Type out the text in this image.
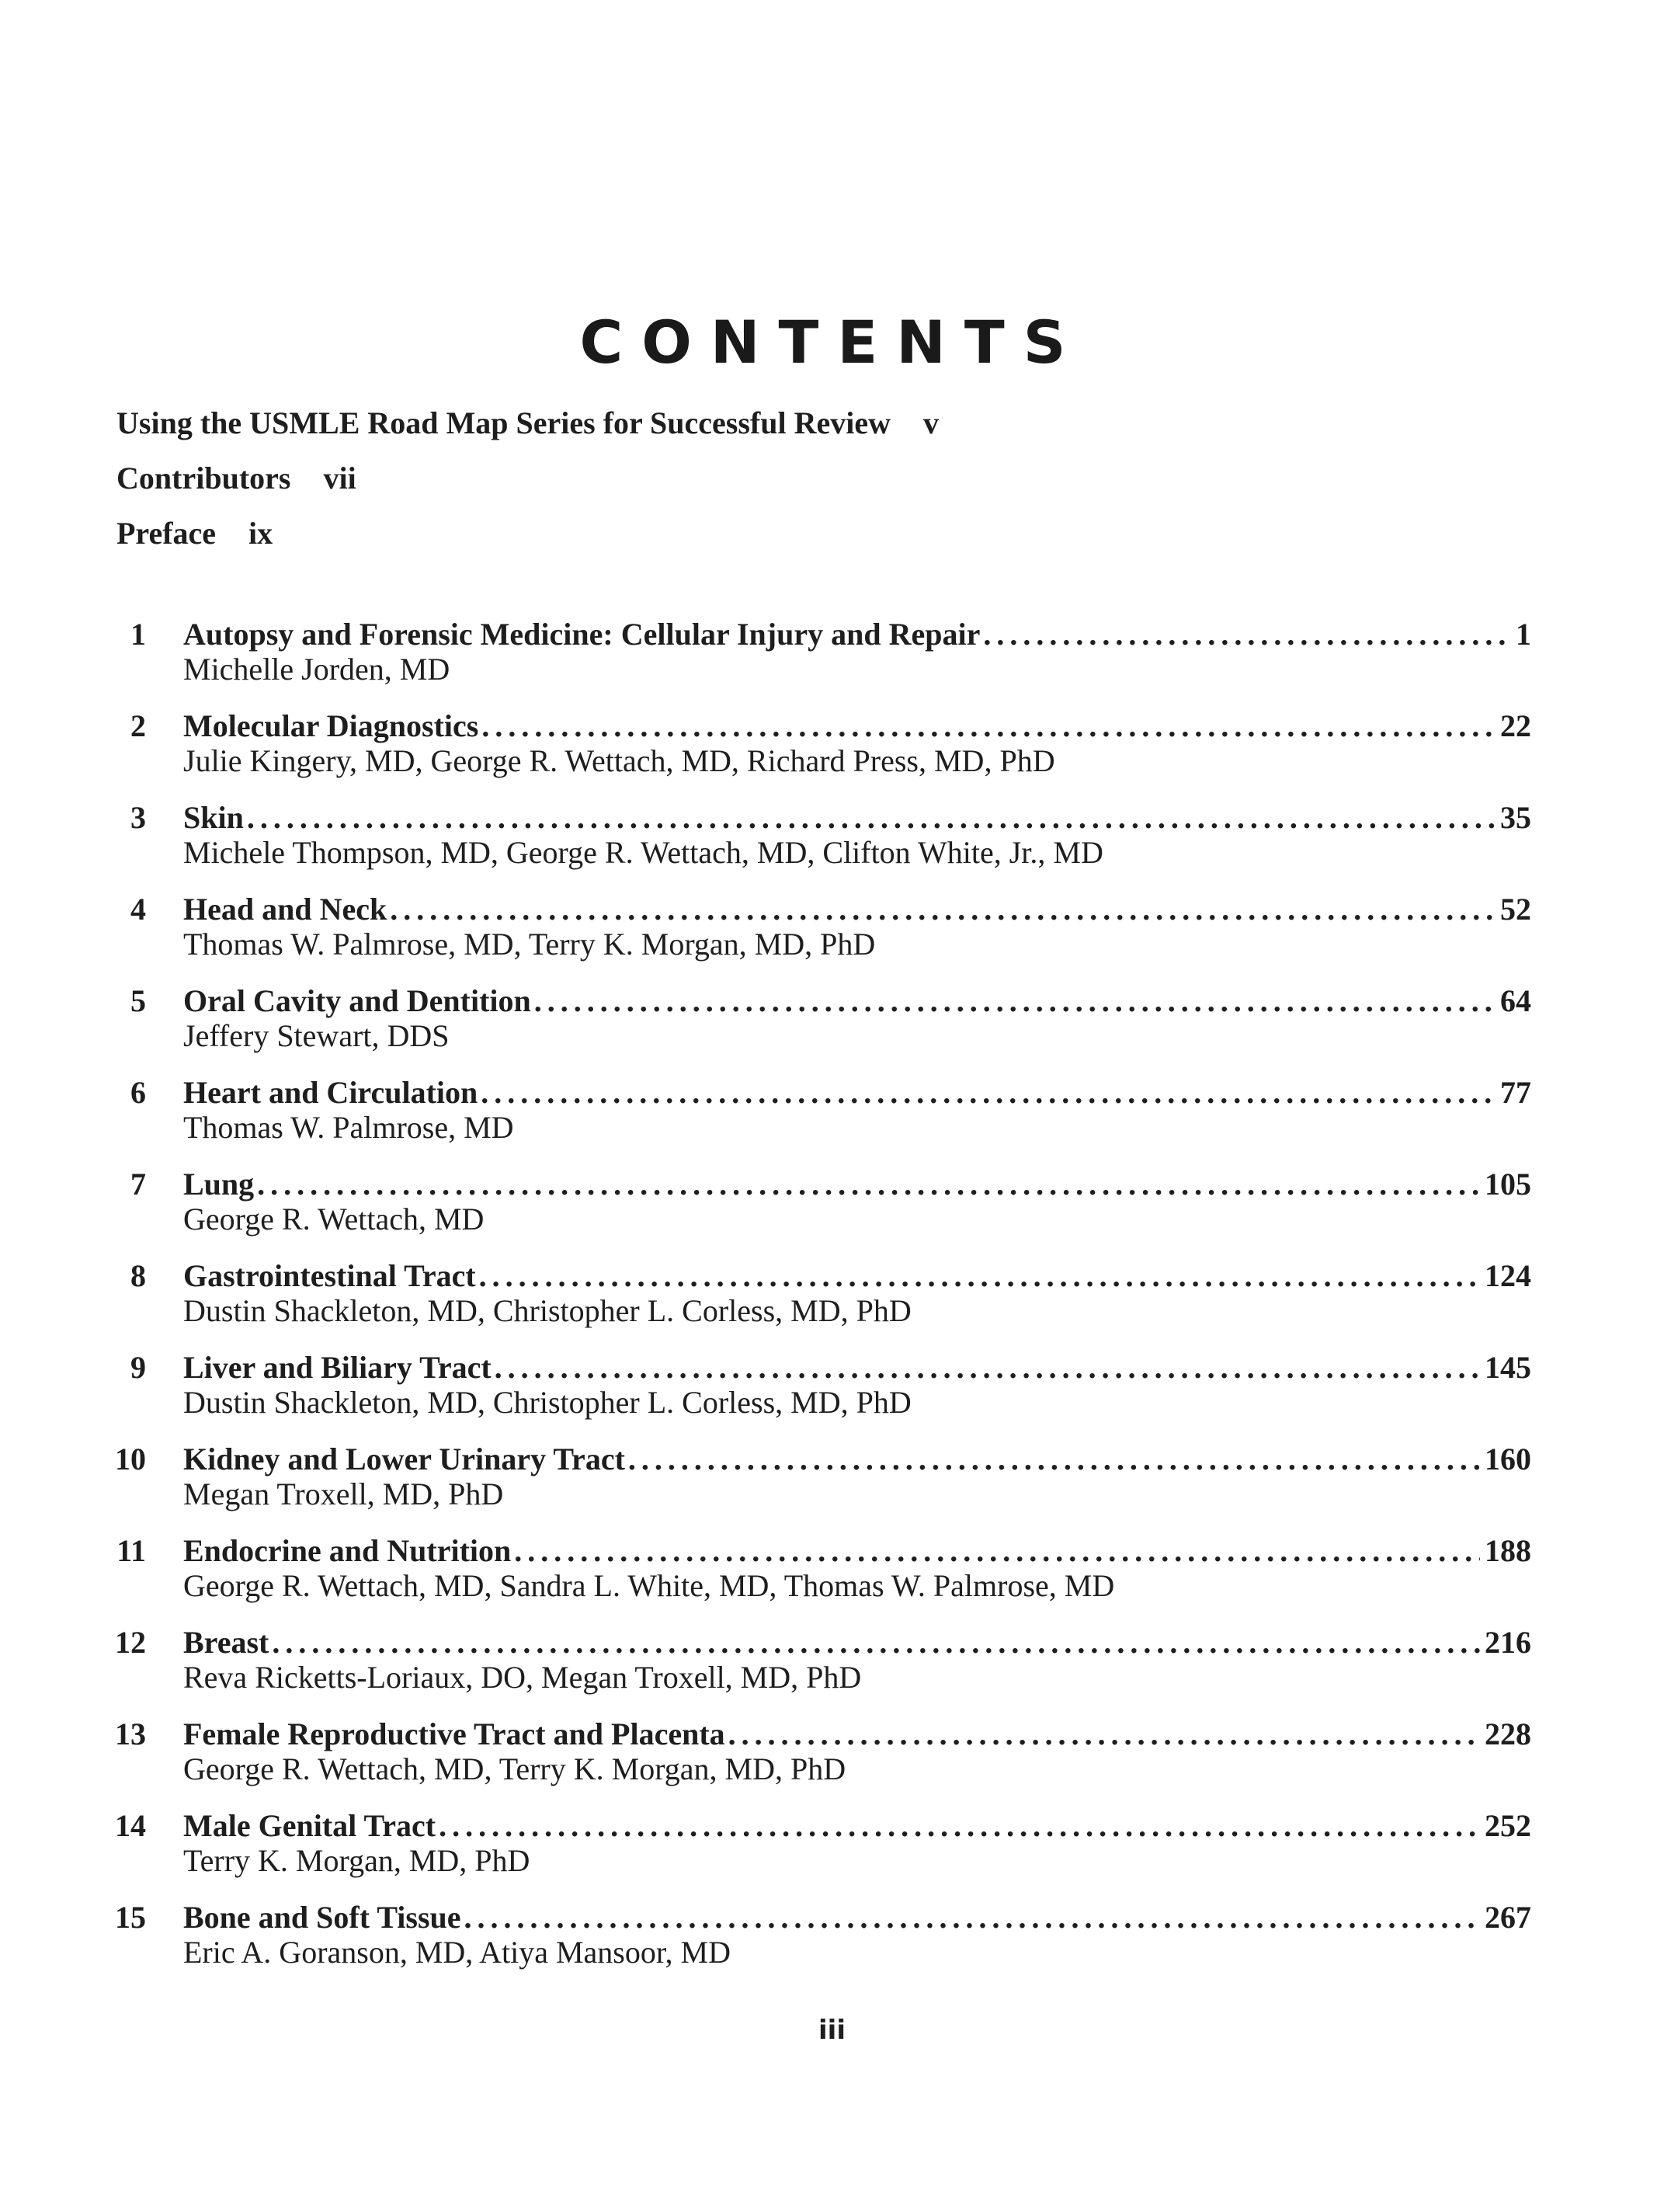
CONTENTS
Using the USMLE Road Map Series for Successful Review v
Contributors vii
Preface ix
1 Autopsy and Forensic Medicine: Cellular Injury and Repair .....	1
Michelle Jorden, MD
2 Molecular Diagnostics .....	22
Julie Kingery, MD, George R. Wettach, MD, Richard Press, MD, PhD
3 Skin .....	35
Michele Thompson, MD, George R. Wettach, MD, Clifton White, Jr., MD
4 Head and Neck .....	52
Thomas W. Palmrose, MD, Terry K. Morgan, MD, PhD
5 Oral Cavity and Dentition .....	64
Jeffery Stewart, DDS
6 Heart and Circulation .....	77
Thomas W. Palmrose, MD
7 Lung .....	105
George R. Wettach, MD
8 Gastrointestinal Tract .....	124
Dustin Shackleton, MD, Christopher L. Corless, MD, PhD
9 Liver and Biliary Tract .....	145
Dustin Shackleton, MD, Christopher L. Corless, MD, PhD
10 Kidney and Lower Urinary Tract .....	160
Megan Troxell, MD, PhD
11 Endocrine and Nutrition .....	188
George R. Wettach, MD, Sandra L. White, MD, Thomas W. Palmrose, MD
12 Breast .....	216
Reva Ricketts-Loriaux, DO, Megan Troxell, MD, PhD
13 Female Reproductive Tract and Placenta .....	228
George R. Wettach, MD, Terry K. Morgan, MD, PhD
14 Male Genital Tract .....	252
Terry K. Morgan, MD, PhD
15 Bone and Soft Tissue .....	267
Eric A. Goranson, MD, Atiya Mansoor, MD
iii
